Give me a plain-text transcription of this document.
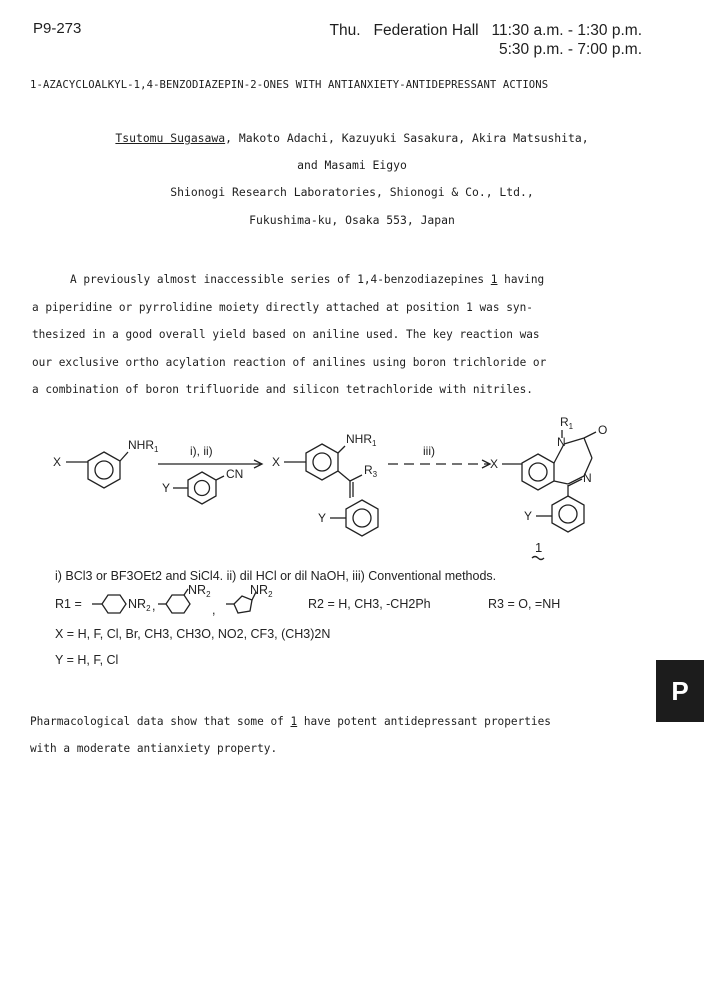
P9-273	Thu.
Federation Hall
11:30 a.m. - 1:30 p.m.
5:30 p.m. - 7:00 p.m.
1-AZACYCLOALKYL-1,4-BENZODIAZEPIN-2-ONES WITH ANTIANXIETY-ANTIDEPRESSANT ACTIONS
Tsutomu Sugasawa, Makoto Adachi, Kazuyuki Sasakura, Akira Matsushita,
and Masami Eigyo
Shionogi Research Laboratories, Shionogi & Co., Ltd.,
Fukushima-ku, Osaka 553, Japan
A previously almost inaccessible series of 1,4-benzodiazepines 1 having
a piperidine or pyrrolidine moiety directly attached at position 1 was syn-
thesized in a good overall yield based on aniline used. The key reaction was
our exclusive ortho acylation reaction of anilines using boron trichloride or
a combination of boron trifluoride and silicon tetrachloride with nitriles.
$NHR_1$
X
i), ii)
CN
Y
$NHR_1$
$R_3$
X
Y
iii)
$R_1$
N
O
N
X
Y
1
i) BCl3 or BF3OEt2 and SiCl4. ii) dil HCl or dil NaOH, iii) Conventional methods.
R1 =	$NR_2$ ,
$NR_2$
,
$NR_2$
R2 = H, CH3, -CH2Ph	R3 = O, =NH
X = H, F, Cl, Br, CH3, CH3O, NO2, CF3, (CH3)2N
Y = H, F, Cl
Pharmacological data show that some of 1 have potent antidepressant properties
with a moderate antianxiety property.
P
